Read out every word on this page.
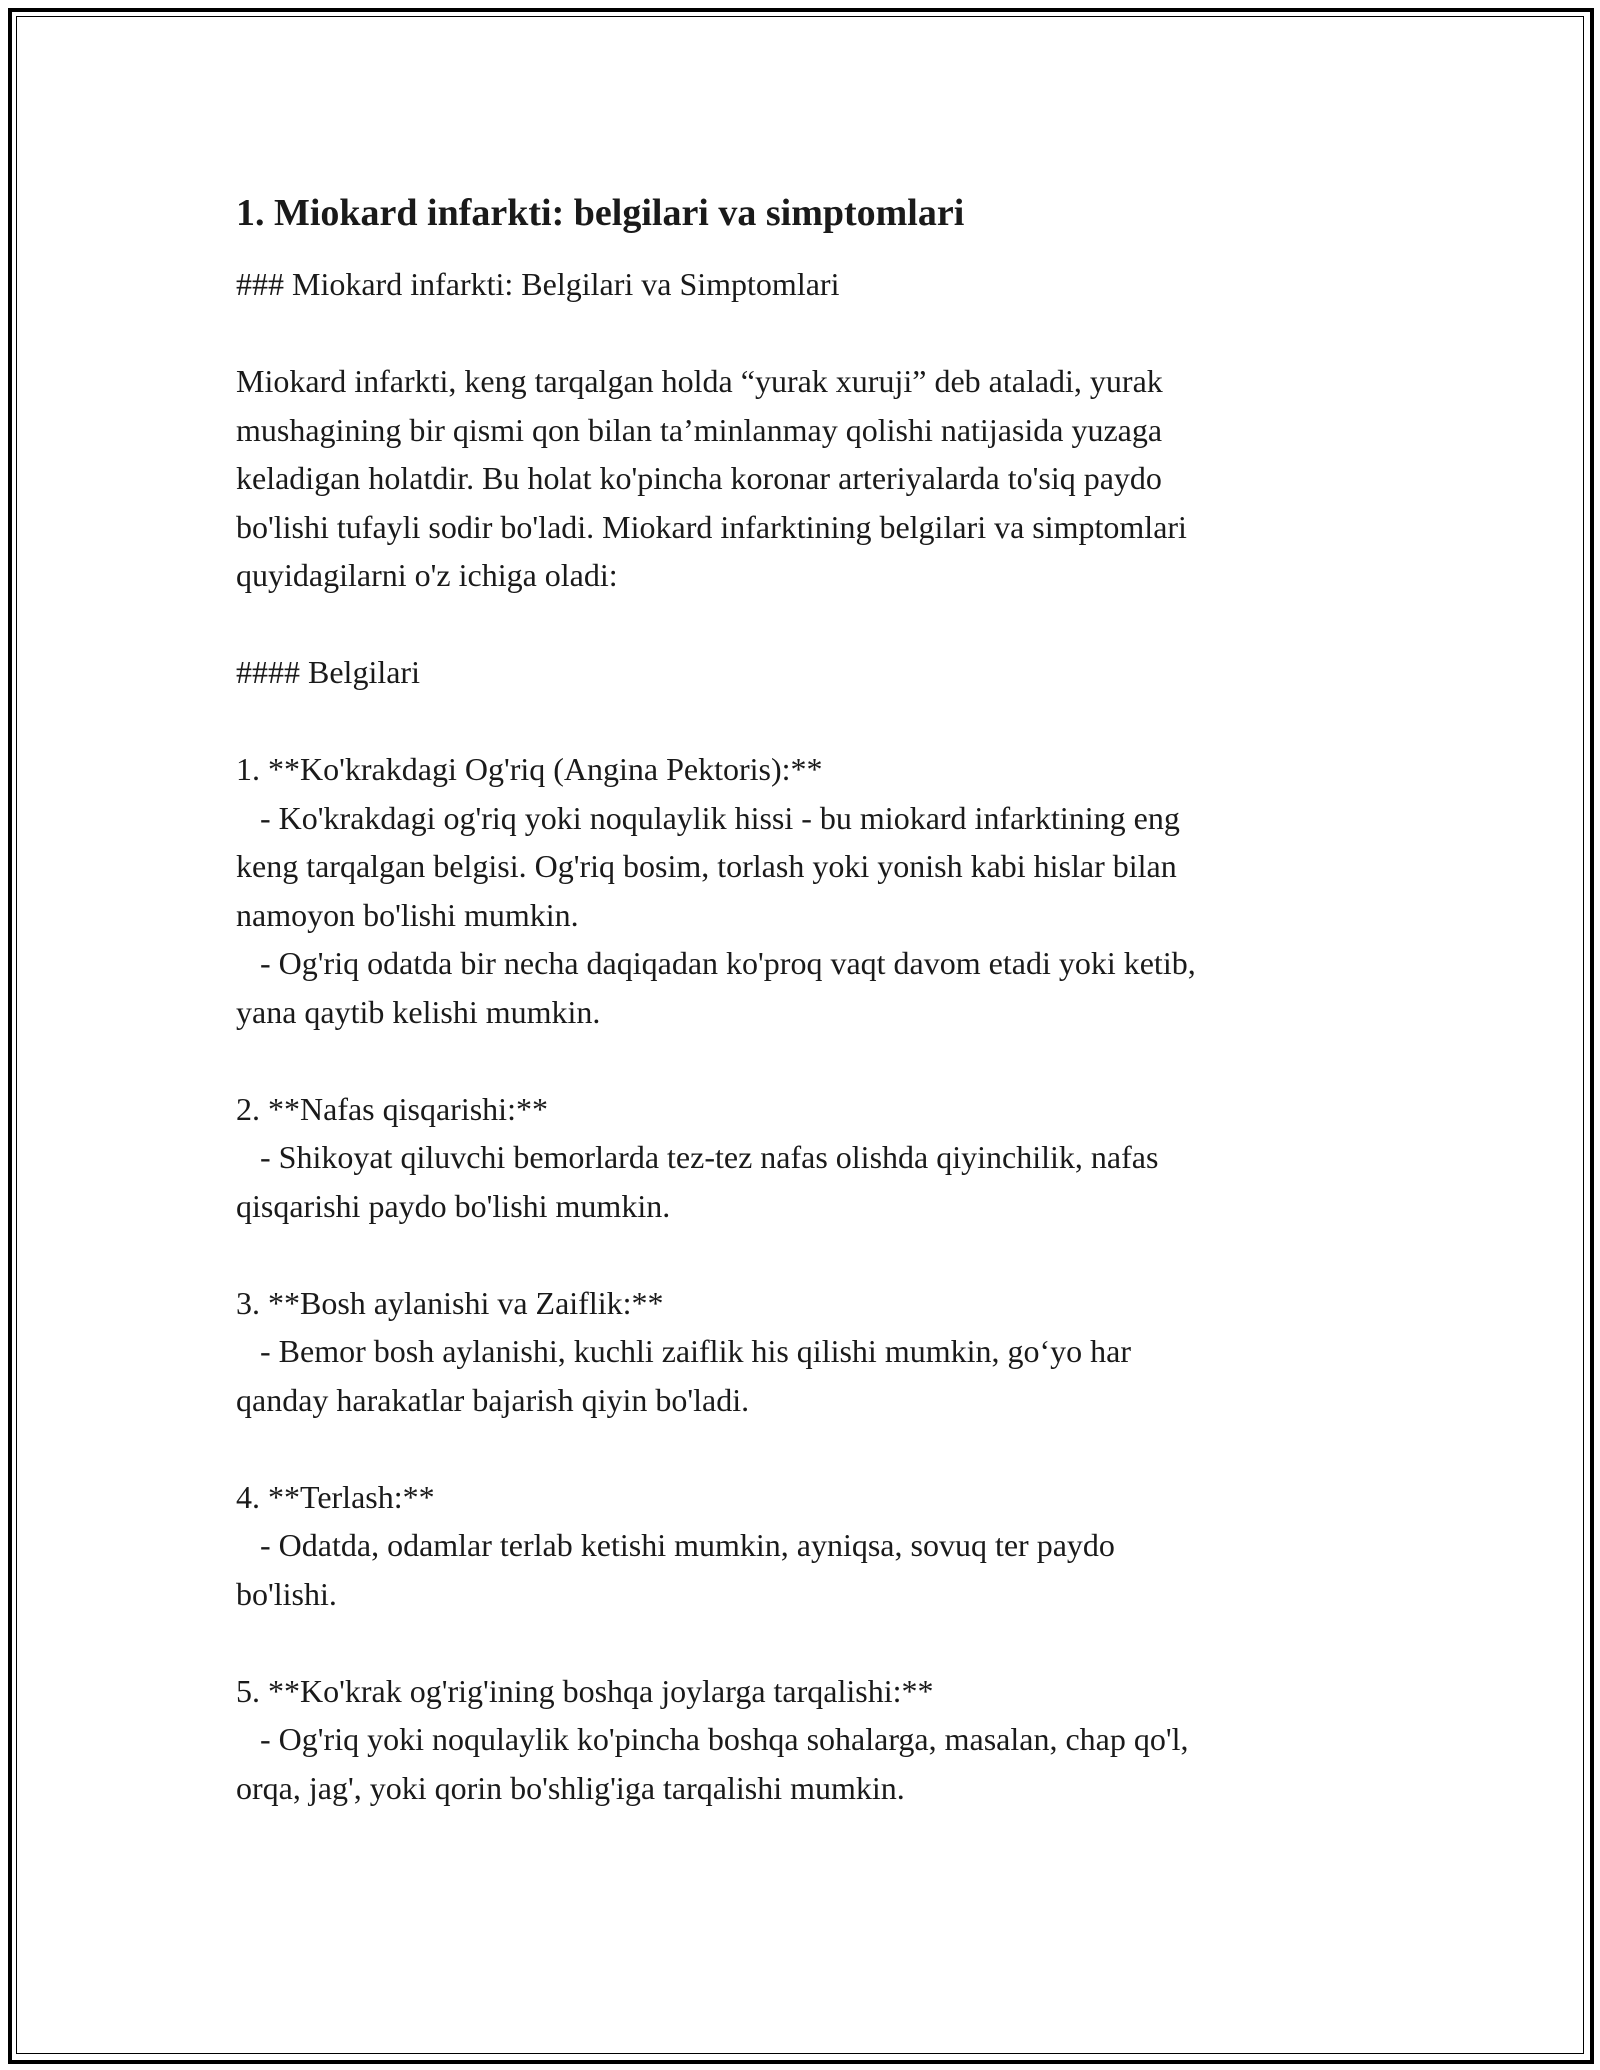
1. Miokard infarkti: belgilari va simptomlari

### Miokard infarkti: Belgilari va Simptomlari

Miokard infarkti, keng tarqalgan holda “yurak xuruji” deb ataladi, yurak

mushagining bir qismi qon bilan ta’minlanmay qolishi natijasida yuzaga

keladigan holatdir. Bu holat ko'pincha koronar arteriyalarda to'siq paydo

bo'lishi tufayli sodir bo'ladi. Miokard infarktining belgilari va simptomlari

quyidagilarni o'z ichiga oladi:

#### Belgilari

1. **Ko'krakdagi Og'riq (Angina Pektoris):**

- Ko'krakdagi og'riq yoki noqulaylik hissi - bu miokard infarktining eng

keng tarqalgan belgisi. Og'riq bosim, torlash yoki yonish kabi hislar bilan

namoyon bo'lishi mumkin.

- Og'riq odatda bir necha daqiqadan ko'proq vaqt davom etadi yoki ketib,

yana qaytib kelishi mumkin.

2. **Nafas qisqarishi:**

- Shikoyat qiluvchi bemorlarda tez-tez nafas olishda qiyinchilik, nafas

qisqarishi paydo bo'lishi mumkin.

3. **Bosh aylanishi va Zaiflik:**

- Bemor bosh aylanishi, kuchli zaiflik his qilishi mumkin, go‘yo har

qanday harakatlar bajarish qiyin bo'ladi.

4. **Terlash:**

- Odatda, odamlar terlab ketishi mumkin, ayniqsa, sovuq ter paydo

bo'lishi.

5. **Ko'krak og'rig'ining boshqa joylarga tarqalishi:**

- Og'riq yoki noqulaylik ko'pincha boshqa sohalarga, masalan, chap qo'l,

orqa, jag', yoki qorin bo'shlig'iga tarqalishi mumkin.
